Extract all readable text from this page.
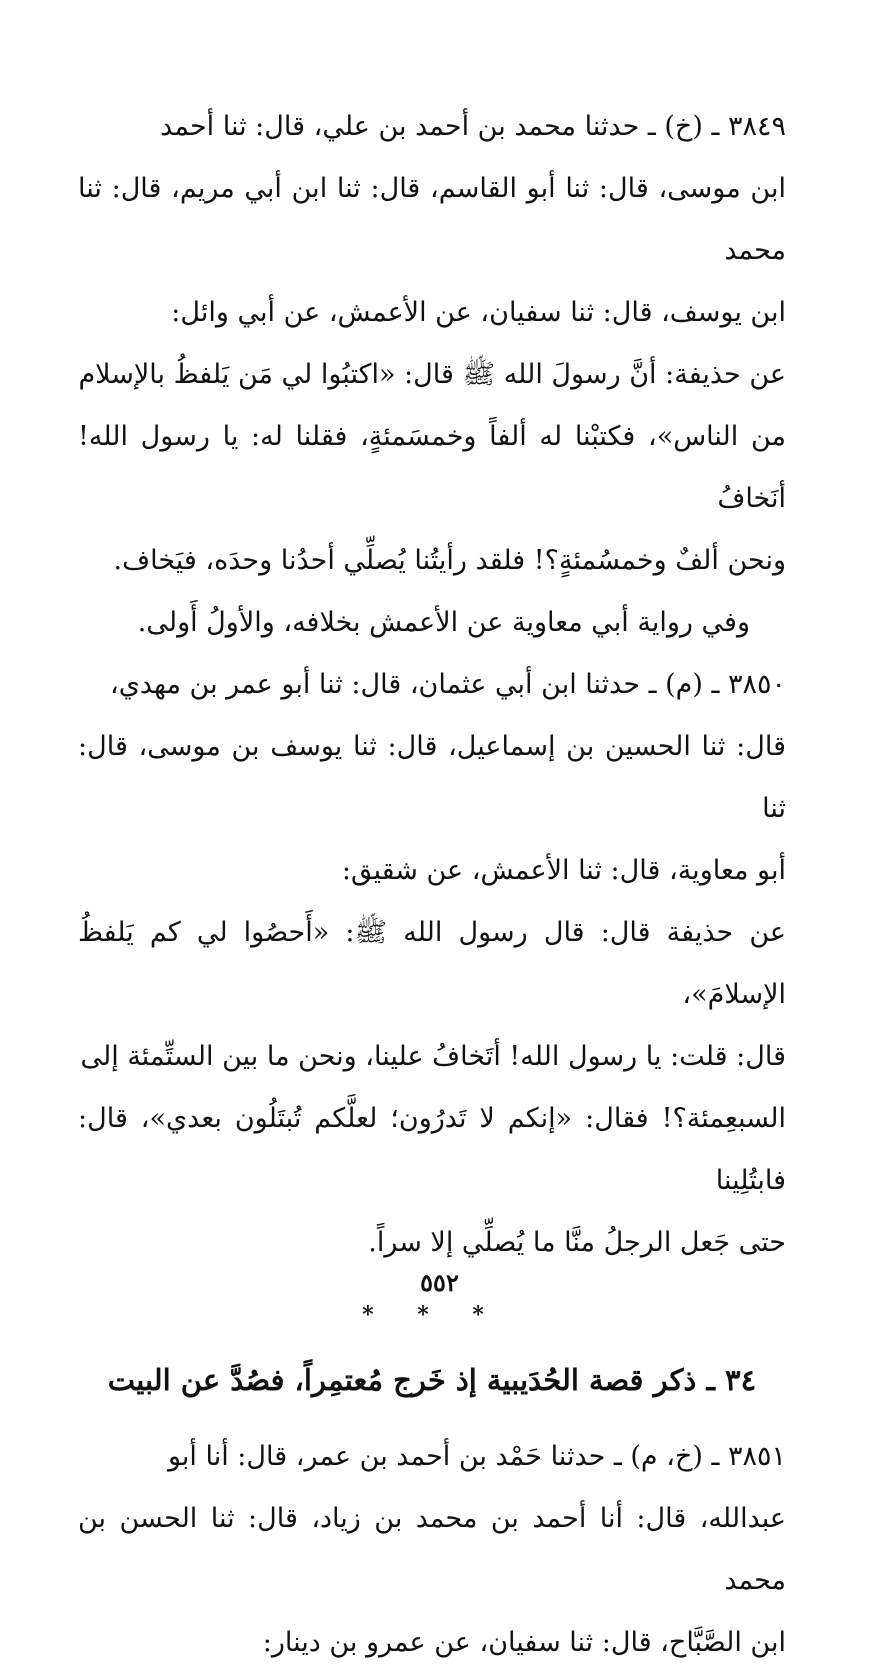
٣٨٤٩ ـ (خ) ـ حدثنا محمد بن أحمد بن علي، قال: ثنا أحمد
ابن موسى، قال: ثنا أبو القاسم، قال: ثنا ابن أبي مريم، قال: ثنا محمد
ابن يوسف، قال: ثنا سفيان، عن الأعمش، عن أبي وائل:
عن حذيفة: أنَّ رسولَ الله ﷺ قال: «اكتبُوا لي مَن يَلفظُ بالإسلام
من الناس»، فكتبْنا له ألفاً وخمسَمئةٍ، فقلنا له: يا رسول الله! أنَخافُ
ونحن ألفٌ وخمسُمئةٍ؟! فلقد رأيتُنا يُصلِّي أحدُنا وحدَه، فيَخاف.
وفي رواية أبي معاوية عن الأعمش بخلافه، والأولُ أَولى.
٣٨٥٠ ـ (م) ـ حدثنا ابن أبي عثمان، قال: ثنا أبو عمر بن مهدي،
قال: ثنا الحسين بن إسماعيل، قال: ثنا يوسف بن موسى، قال: ثنا
أبو معاوية، قال: ثنا الأعمش، عن شقيق:
عن حذيفة قال: قال رسول الله ﷺ: «أَحصُوا لي كم يَلفظُ الإسلامَ»،
قال: قلت: يا رسول الله! أتَخافُ علينا، ونحن ما بين الستِّمئة إلى
السبعِمئة؟! فقال: «إنكم لا تَدرُون؛ لعلَّكم تُبتَلُون بعدي»، قال: فابتُلِينا
حتى جَعل الرجلُ منَّا ما يُصلِّي إلا سراً.
* * *
٣٤ ـ ذكر قصة الحُدَيبية إذ خَرج مُعتمِراً، فصُدَّ عن البيت
٣٨٥١ ـ (خ، م) ـ حدثنا حَمْد بن أحمد بن عمر، قال: أنا أبو
عبدالله، قال: أنا أحمد بن محمد بن زياد، قال: ثنا الحسن بن محمد
ابن الصَّبَّاح، قال: ثنا سفيان، عن عمرو بن دينار:
٥٥٢
